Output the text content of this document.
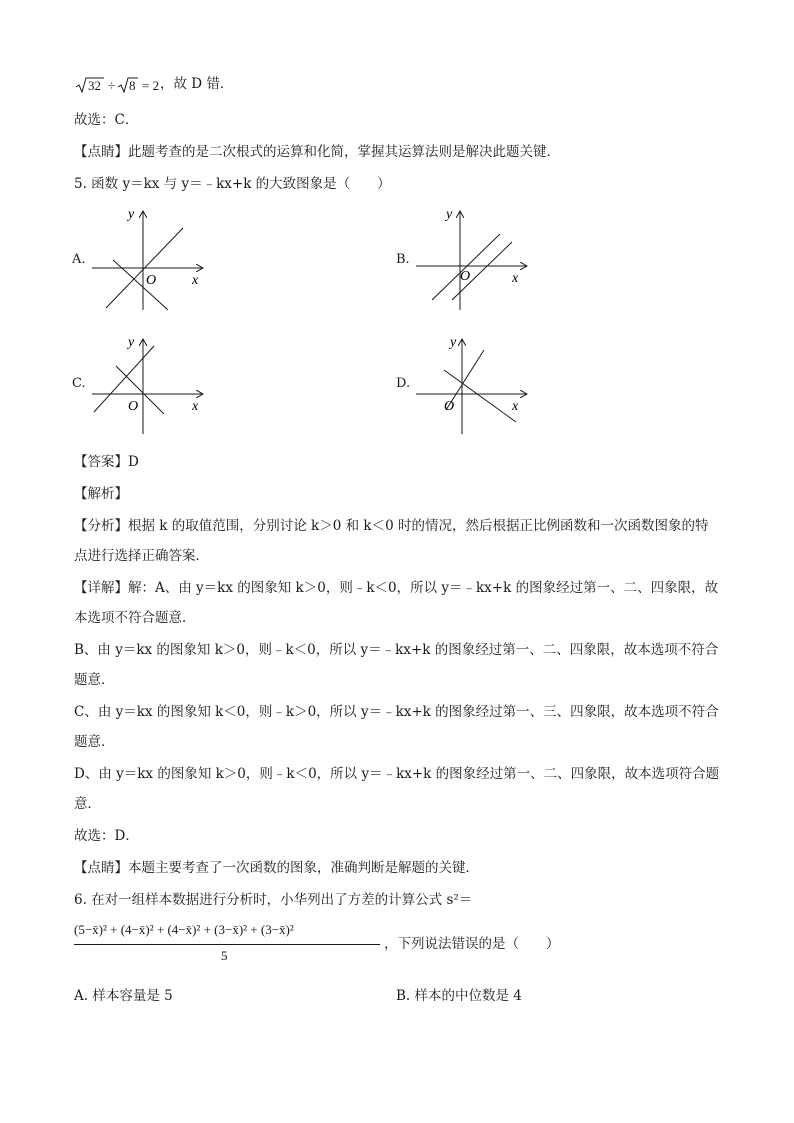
32 ÷ 8 = 2 ，故 D 错．
故选：C．
【点睛】此题考查的是二次根式的运算和化简，掌握其运算法则是解决此题关键．
5. 函数 y＝kx 与 y＝﹣kx+k 的大致图象是（　　）
A.
y
x
O
B.
y
x
O
C.
y
x
O
D.
y
x
O
【答案】D
【解析】
【分析】根据 k 的取值范围，分别讨论 k＞0 和 k＜0 时的情况，然后根据正比例函数和一次函数图象的特
点进行选择正确答案．
【详解】解：A、由 y＝kx 的图象知 k＞0，则﹣k＜0，所以 y＝﹣kx+k 的图象经过第一、二、四象限，故
本选项不符合题意．
B、由 y＝kx 的图象知 k＞0，则﹣k＜0，所以 y＝﹣kx+k 的图象经过第一、二、四象限，故本选项不符合
题意．
C、由 y＝kx 的图象知 k＜0，则﹣k＞0，所以 y＝﹣kx+k 的图象经过第一、三、四象限，故本选项不符合
题意．
D、由 y＝kx 的图象知 k＞0，则﹣k＜0，所以 y＝﹣kx+k 的图象经过第一、二、四象限，故本选项符合题
意．
故选：D．
【点睛】本题主要考查了一次函数的图象，准确判断是解题的关键．
6. 在对一组样本数据进行分析时，小华列出了方差的计算公式 s²＝
(5−x̄)² + (4−x̄)² + (4−x̄)² + (3−x̄)² + (3−x̄)²
5
，下列说法错误的是（　　）
A. 样本容量是 5	B. 样本的中位数是 4
